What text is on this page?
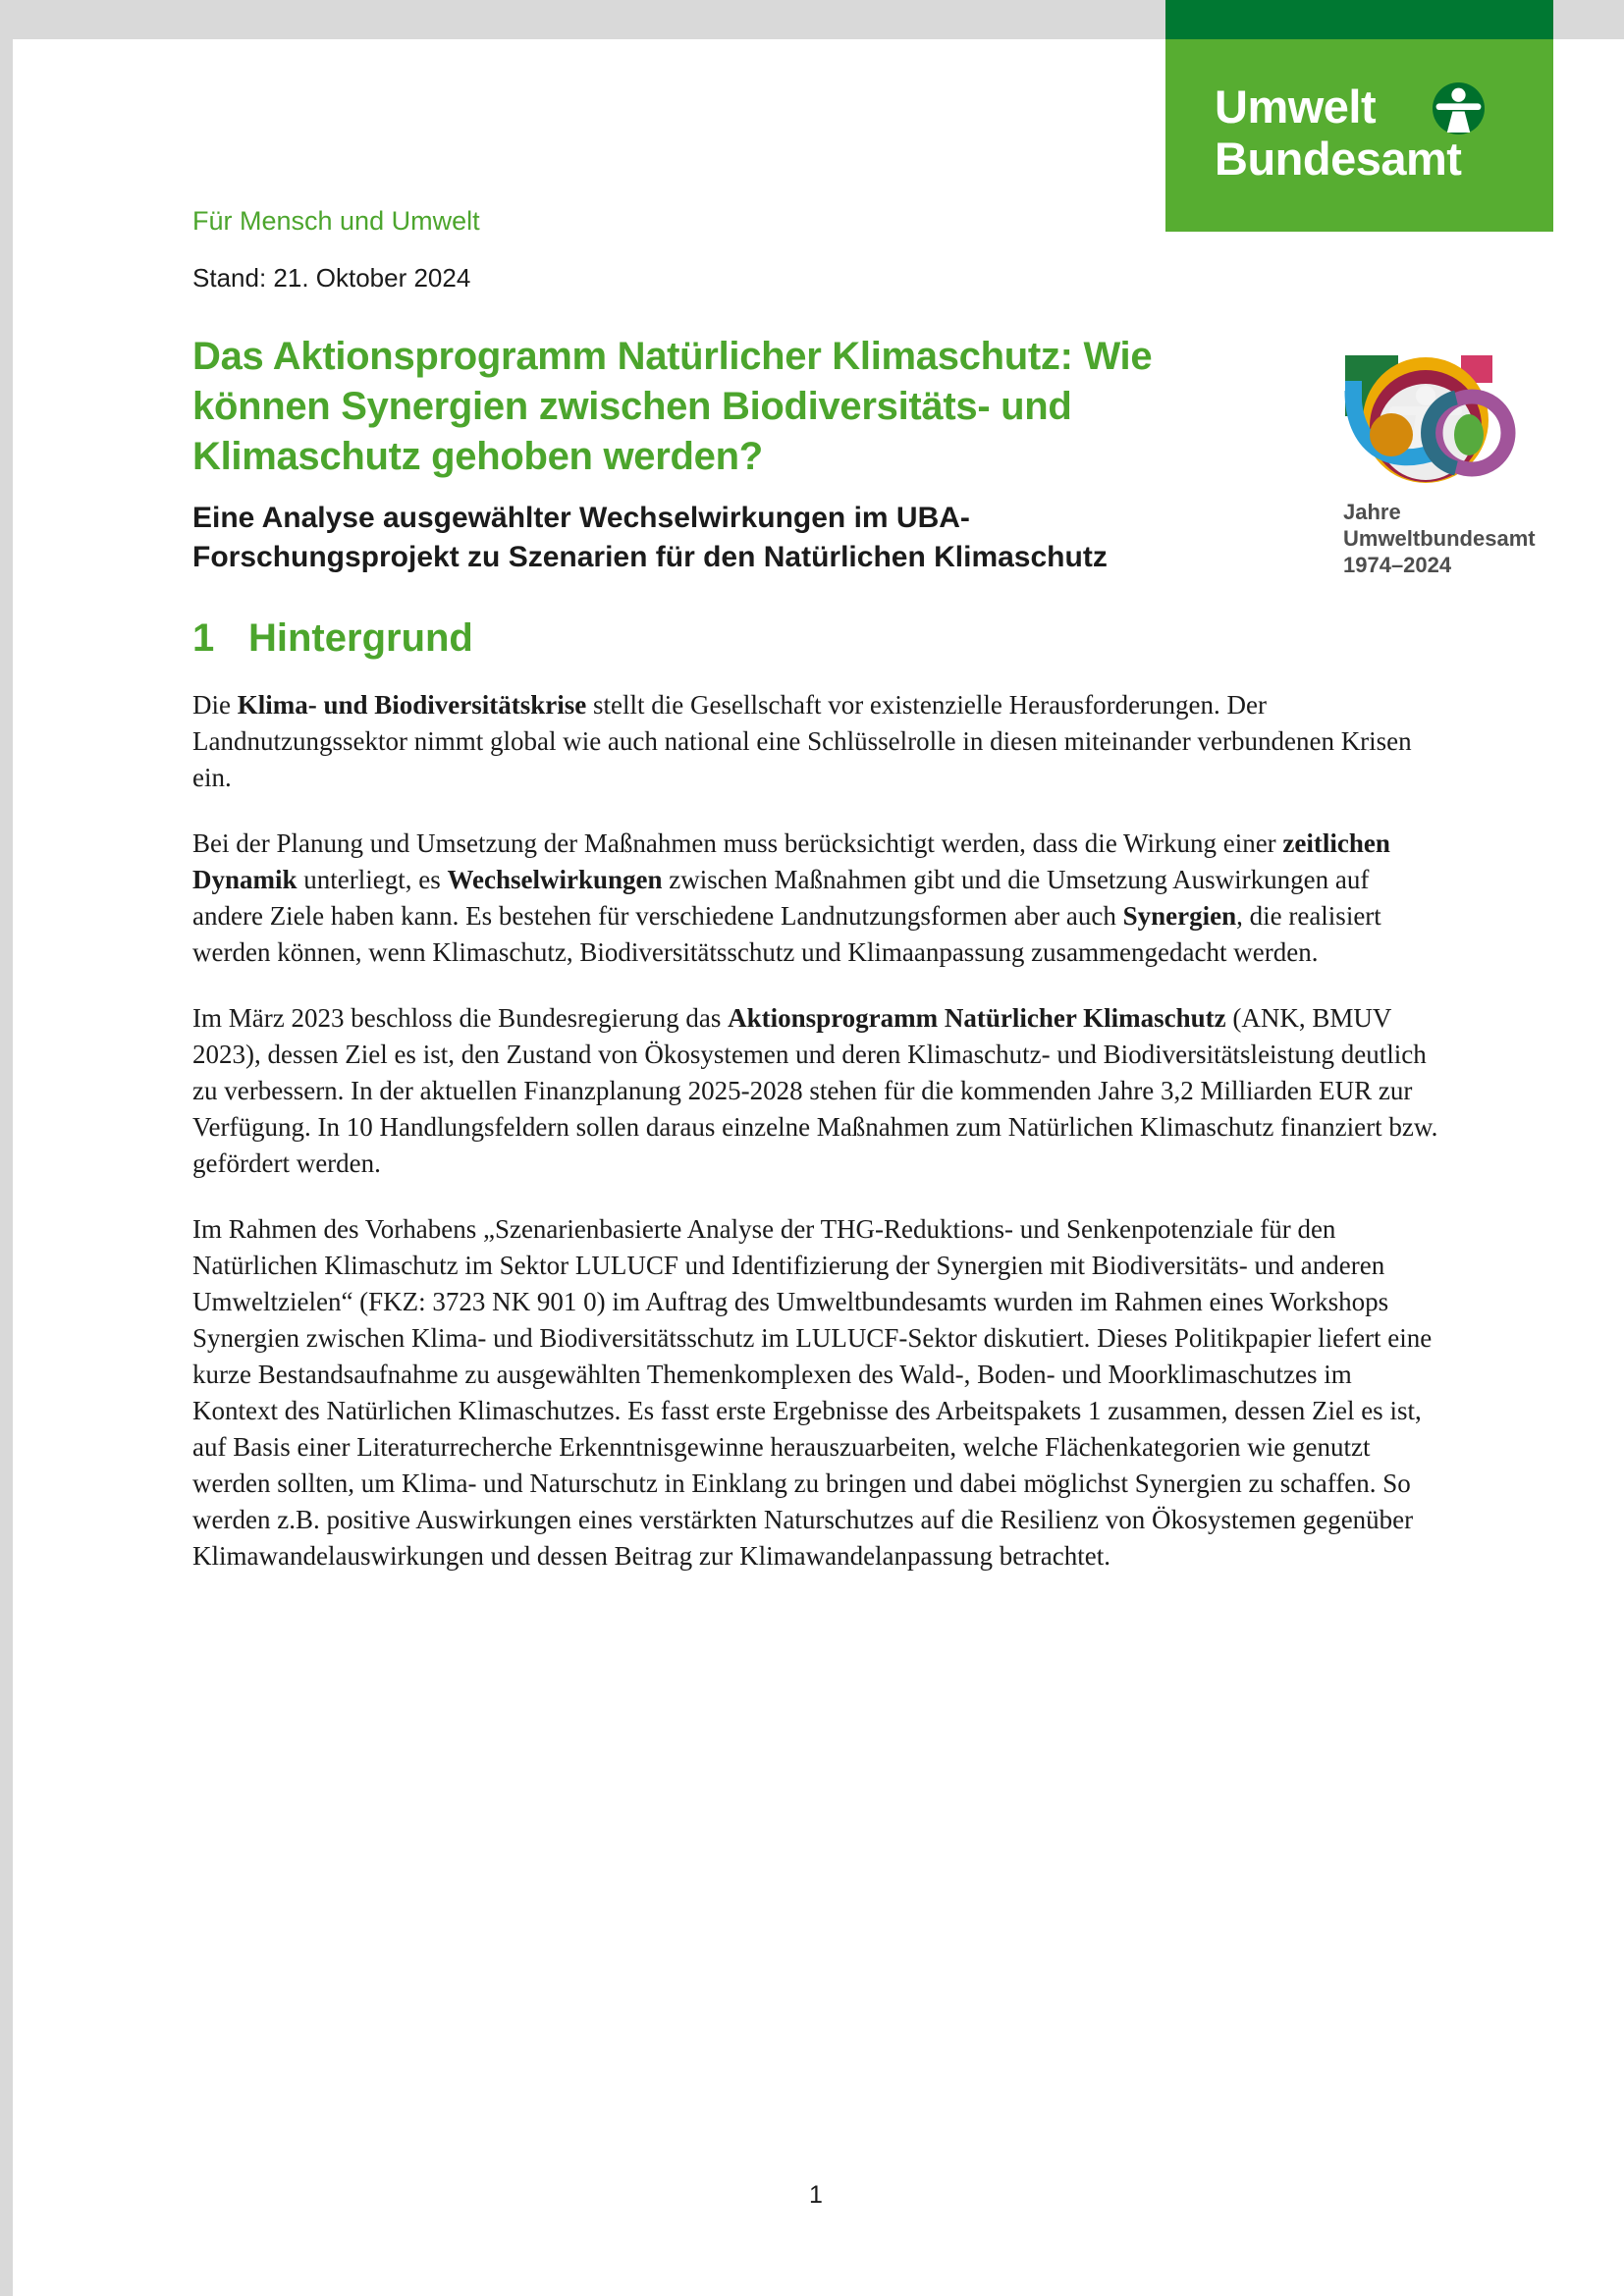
Umwelt
Bundesamt
Für Mensch und Umwelt
Stand: 21. Oktober 2024
Das Aktionsprogramm Natürlicher Klimaschutz: Wie
können Synergien zwischen Biodiversitäts- und
Klimaschutz gehoben werden?
Eine Analyse ausgewählter Wechselwirkungen im UBA-
Forschungsprojekt zu Szenarien für den Natürlichen Klimaschutz
Jahre
Umweltbundesamt
1974–2024
1 Hintergrund

Die Klima- und Biodiversitätskrise stellt die Gesellschaft vor existenzielle Herausforderungen. Der Landnutzungssektor nimmt global wie auch national eine Schlüsselrolle in diesen miteinander verbundenen Krisen ein.

Bei der Planung und Umsetzung der Maßnahmen muss berücksichtigt werden, dass die Wirkung einer zeitlichen Dynamik unterliegt, es Wechselwirkungen zwischen Maßnahmen gibt und die Umsetzung Auswirkungen auf andere Ziele haben kann. Es bestehen für verschiedene Landnutzungsformen aber auch Synergien, die realisiert werden können, wenn Klimaschutz, Biodiversitätsschutz und Klimaanpassung zusammengedacht werden.

Im März 2023 beschloss die Bundesregierung das Aktionsprogramm Natürlicher Klimaschutz (ANK, BMUV 2023), dessen Ziel es ist, den Zustand von Ökosystemen und deren Klimaschutz- und Biodiversitätsleistung deutlich zu verbessern. In der aktuellen Finanzplanung 2025-2028 stehen für die kommenden Jahre 3,2 Milliarden EUR zur Verfügung. In 10 Handlungsfeldern sollen daraus einzelne Maßnahmen zum Natürlichen Klimaschutz finanziert bzw. gefördert werden.

Im Rahmen des Vorhabens „Szenarienbasierte Analyse der THG-Reduktions- und Senkenpotenziale für den Natürlichen Klimaschutz im Sektor LULUCF und Identifizierung der Synergien mit Biodiversitäts- und anderen Umweltzielen“ (FKZ: 3723 NK 901 0) im Auftrag des Umweltbundesamts wurden im Rahmen eines Workshops Synergien zwischen Klima- und Biodiversitätsschutz im LULUCF-Sektor diskutiert. Dieses Politikpapier liefert eine kurze Bestandsaufnahme zu ausgewählten Themenkomplexen des Wald-, Boden- und Moorklimaschutzes im Kontext des Natürlichen Klimaschutzes. Es fasst erste Ergebnisse des Arbeitspakets 1 zusammen, dessen Ziel es ist, auf Basis einer Literaturrecherche Erkenntnisgewinne herauszuarbeiten, welche Flächenkategorien wie genutzt werden sollten, um Klima- und Naturschutz in Einklang zu bringen und dabei möglichst Synergien zu schaffen. So werden z.B. positive Auswirkungen eines verstärkten Naturschutzes auf die Resilienz von Ökosystemen gegenüber Klimawandelauswirkungen und dessen Beitrag zur Klimawandelanpassung betrachtet.

1
